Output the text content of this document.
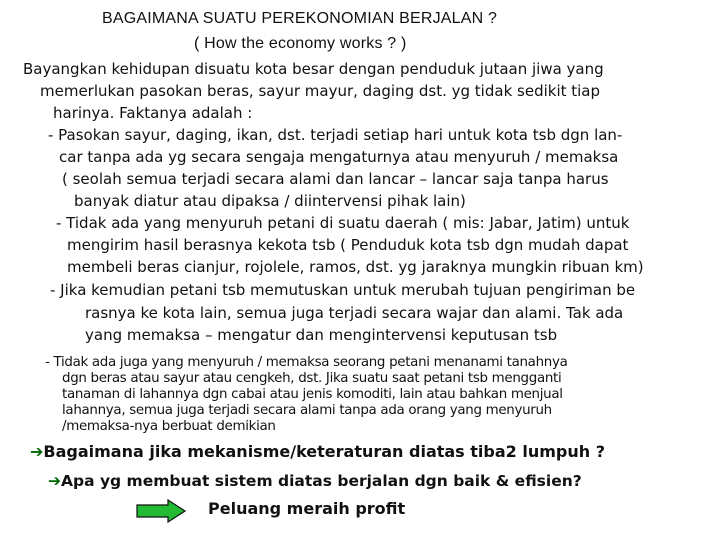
BAGAIMANA SUATU PEREKONOMIAN BERJALAN ?
( How the economy works ? )
Bayangkan kehidupan disuatu kota besar dengan penduduk jutaan jiwa yang
memerlukan pasokan beras, sayur mayur, daging dst. yg tidak sedikit tiap
harinya. Faktanya adalah :
- Pasokan sayur, daging, ikan, dst. terjadi setiap hari untuk kota tsb dgn lan-
car tanpa ada yg secara sengaja mengaturnya atau menyuruh / memaksa
( seolah semua terjadi secara alami dan lancar – lancar saja tanpa harus
banyak diatur atau dipaksa / diintervensi pihak lain)
- Tidak ada yang menyuruh petani di suatu daerah ( mis: Jabar, Jatim) untuk
mengirim hasil berasnya kekota tsb ( Penduduk kota tsb dgn mudah dapat
membeli beras cianjur, rojolele, ramos, dst. yg jaraknya mungkin ribuan km)
- Jika kemudian petani tsb memutuskan untuk merubah tujuan pengiriman be
rasnya ke kota lain, semua juga terjadi secara wajar dan alami. Tak ada
yang memaksa – mengatur dan mengintervensi keputusan tsb
- Tidak ada juga yang menyuruh / memaksa seorang petani menanami tanahnya
dgn beras atau sayur atau cengkeh, dst. Jika suatu saat petani tsb mengganti
tanaman di lahannya dgn cabai atau jenis komoditi, lain atau bahkan menjual
lahannya, semua juga terjadi secara alami tanpa ada orang yang menyuruh
/memaksa-nya berbuat demikian
➔Bagaimana jika mekanisme/keteraturan diatas tiba2 lumpuh ?
➔Apa yg membuat sistem diatas berjalan dgn baik & efisien?
Peluang meraih profit
